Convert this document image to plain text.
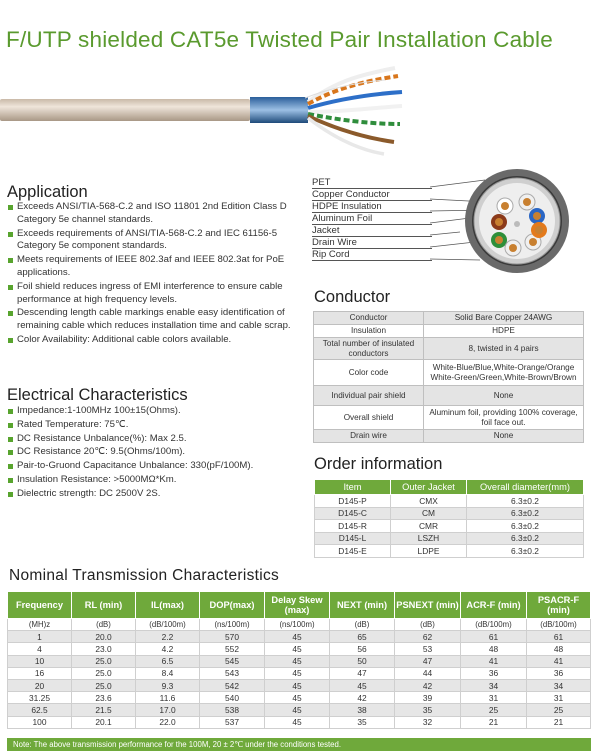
F/UTP shielded CAT5e Twisted Pair Installation Cable
Application
Exceeds ANSI/TIA-568-C.2 and ISO 11801 2nd Edition Class D Category 5e channel standards.
Exceeds requirements of ANSI/TIA-568-C.2 and IEC 61156-5 Category 5e component standards.
Meets requirements of IEEE 802.3af and IEEE 802.3at for PoE applications.
Foil shield reduces ingress of EMI interference to ensure cable performance at high frequency levels.
Descending length cable markings enable easy identification of remaining cable which reduces installation time and cable scrap.
Color Availability: Additional cable colors available.
Electrical Characteristics
Impedance:1-100MHz 100±15(Ohms).
Rated Temperature: 75℃.
DC Resistance Unbalance(%): Max 2.5.
DC Resistance 20℃: 9.5(Ohms/100m).
Pair-to-Gruond Capacitance Unbalance: 330(pF/100M).
Insulation Resistance: >5000MΩ*Km.
Dielectric strength: DC 2500V 2S.
PET
Copper Conductor
HDPE Insulation
Aluminum Foil
Jacket
Drain Wire
Rip Cord
Conductor
Conductor	Solid Bare Copper 24AWG
Insulation	HDPE
Total number of insulated conductors	8, twisted in 4 pairs
Color code	White-Blue/Blue,White-Orange/Orange White-Green/Green,White-Brown/Brown
Individual pair shield	None
Overall shield	Aluminum foil, providing 100% coverage, foil face out.
Drain wire	None
Order information
Item	Outer Jacket	Overall diameter(mm)
D145-P	CMX	6.3±0.2
D145-C	CM	6.3±0.2
D145-R	CMR	6.3±0.2
D145-L	LSZH	6.3±0.2
D145-E	LDPE	6.3±0.2
Nominal Transmission Characteristics
Frequency	RL (min)	IL(max)	DOP(max)	Delay Skew (max)	NEXT (min)	PSNEXT (min)	ACR-F (min)	PSACR-F (min)
(MH)z	(dB)	(dB/100m)	(ns/100m)	(ns/100m)	(dB)	(dB)	(dB/100m)	(dB/100m)
1	20.0	2.2	570	45	65	62	61	61
4	23.0	4.2	552	45	56	53	48	48
10	25.0	6.5	545	45	50	47	41	41
16	25.0	8.4	543	45	47	44	36	36
20	25.0	9.3	542	45	45	42	34	34
31.25	23.6	11.6	540	45	42	39	31	31
62.5	21.5	17.0	538	45	38	35	25	25
100	20.1	22.0	537	45	35	32	21	21
Note: The above transmission performance for the 100M, 20 ± 2℃ under the conditions tested.
